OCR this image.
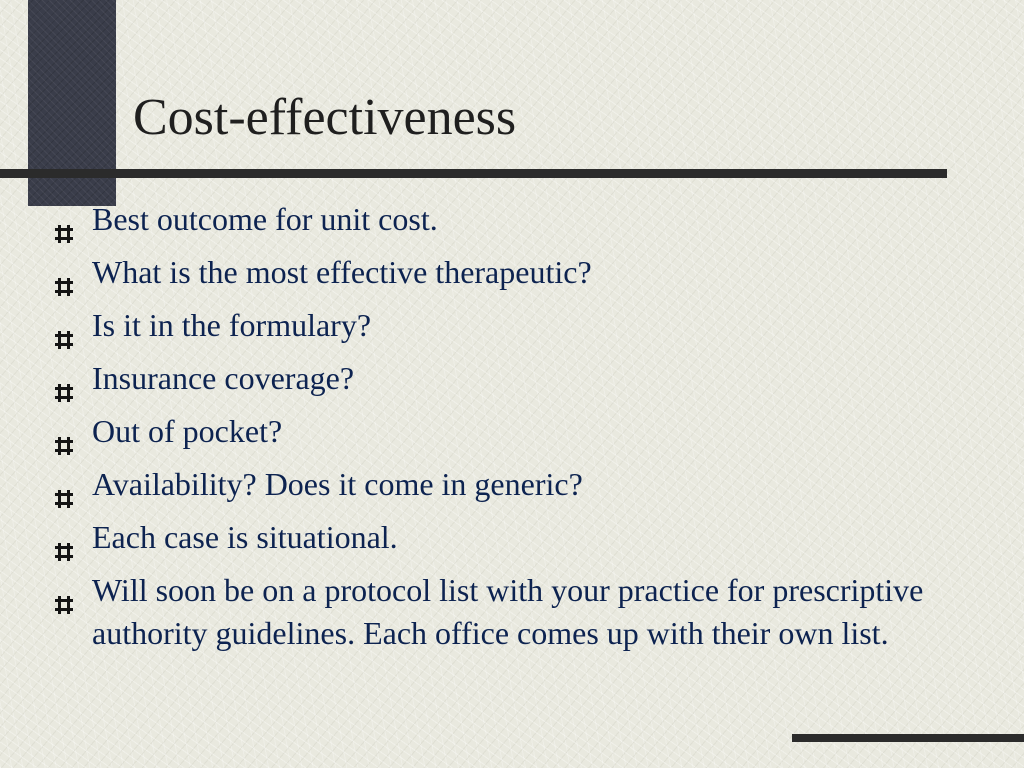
Cost-effectiveness
Best outcome for unit cost.
What is the most effective therapeutic?
Is it in the formulary?
Insurance coverage?
Out of pocket?
Availability? Does it come in generic?
Each case is situational.
Will soon be on a protocol list with your practice for prescriptive authority guidelines. Each office comes up with their own list.
